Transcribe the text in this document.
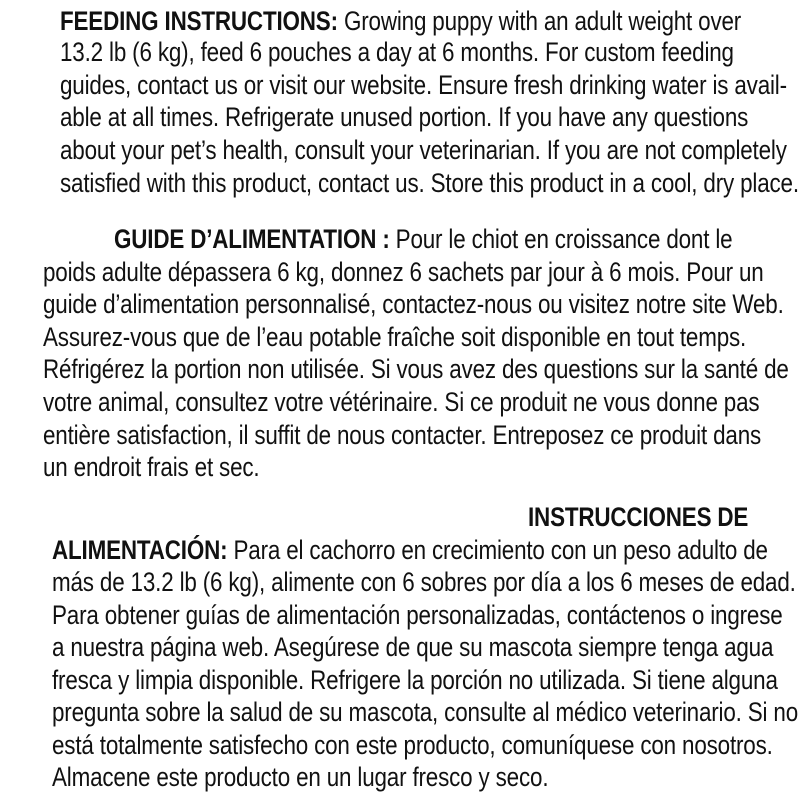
FEEDING INSTRUCTIONS: Growing puppy with an adult weight over
13.2 lb (6 kg), feed 6 pouches a day at 6 months. For custom feeding
guides, contact us or visit our website. Ensure fresh drinking water is avail-
able at all times. Refrigerate unused portion. If you have any questions
about your pet’s health, consult your veterinarian. If you are not completely
satisfied with this product, contact us. Store this product in a cool, dry place.
GUIDE D’ALIMENTATION : Pour le chiot en croissance dont le
poids adulte dépassera 6 kg, donnez 6 sachets par jour à 6 mois. Pour un
guide d’alimentation personnalisé, contactez-nous ou visitez notre site Web.
Assurez-vous que de l’eau potable fraîche soit disponible en tout temps.
Réfrigérez la portion non utilisée. Si vous avez des questions sur la santé de
votre animal, consultez votre vétérinaire. Si ce produit ne vous donne pas
entière satisfaction, il suffit de nous contacter. Entreposez ce produit dans
un endroit frais et sec.
INSTRUCCIONES DE
ALIMENTACIÓN: Para el cachorro en crecimiento con un peso adulto de
más de 13.2 lb (6 kg), alimente con 6 sobres por día a los 6 meses de edad.
Para obtener guías de alimentación personalizadas, contáctenos o ingrese
a nuestra página web. Asegúrese de que su mascota siempre tenga agua
fresca y limpia disponible. Refrigere la porción no utilizada. Si tiene alguna
pregunta sobre la salud de su mascota, consulte al médico veterinario. Si no
está totalmente satisfecho con este producto, comuníquese con nosotros.
Almacene este producto en un lugar fresco y seco.
